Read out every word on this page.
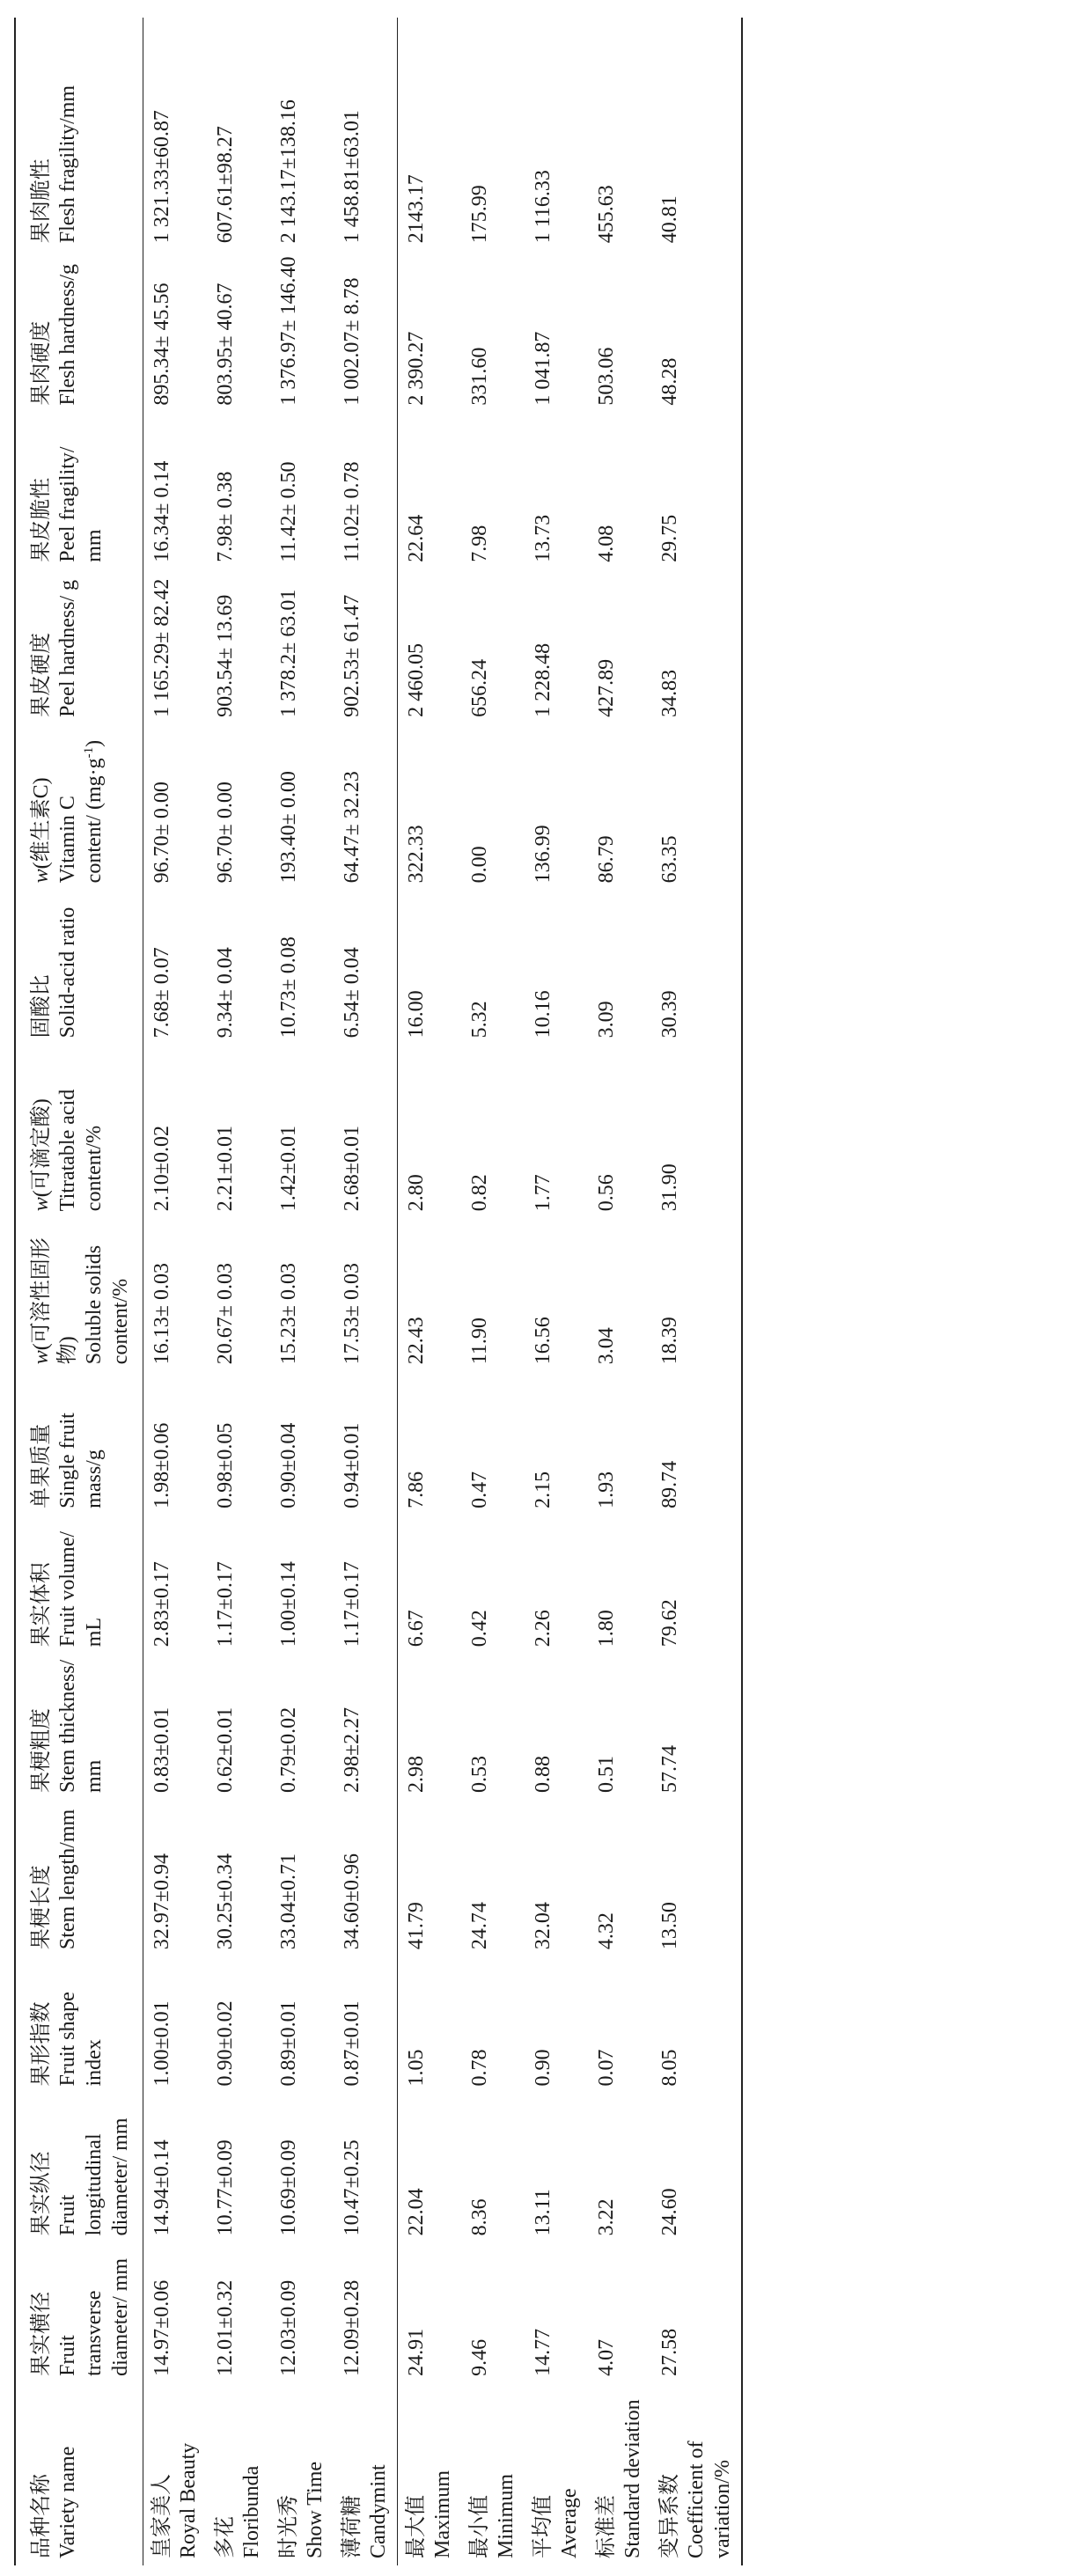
品种名称 Variety name	果实横径 Fruit transverse diameter/ mm	果实纵径 Fruit longitudinal diameter/ mm	果形指数 Fruit shape index	果梗长度 Stem length/mm	果梗粗度 Stem thickness/ mm	果实体积 Fruit volume/ mL	单果质量 Single fruit mass/g	w(可溶性固形物) Soluble solids content/%	w(可滴定酸) Titratable acid content/%	固酸比 Solid-acid ratio	w(维生素C) Vitamin C content/ $(mg\cdot g^{-1})$	果皮硬度 Peel hardness/ g	果皮脆性 Peel fragility/ mm	果肉硬度 Flesh hardness/g	果肉脆性 Flesh fragility/mm

皇家美人 Royal Beauty	14.97±0.06	14.94±0.14	1.00±0.01	32.97±0.94	0.83±0.01	2.83±0.17	1.98±0.06	16.13± 0.03	2.10±0.02	7.68± 0.07	96.70± 0.00	1 165.29± 82.42	16.34± 0.14	895.34± 45.56	1 321.33±60.87

多花 Floribunda	12.01±0.32	10.77±0.09	0.90±0.02	30.25±0.34	0.62±0.01	1.17±0.17	0.98±0.05	20.67± 0.03	2.21±0.01	9.34± 0.04	96.70± 0.00	903.54± 13.69	7.98± 0.38	803.95± 40.67	607.61±98.27

时光秀 Show Time	12.03±0.09	10.69±0.09	0.89±0.01	33.04±0.71	0.79±0.02	1.00±0.14	0.90±0.04	15.23± 0.03	1.42±0.01	10.73± 0.08	193.40± 0.00	1 378.2± 63.01	11.42± 0.50	1 376.97± 146.40	2 143.17±138.16

薄荷糖 Candymint	12.09±0.28	10.47±0.25	0.87±0.01	34.60±0.96	2.98±2.27	1.17±0.17	0.94±0.01	17.53± 0.03	2.68±0.01	6.54± 0.04	64.47± 32.23	902.53± 61.47	11.02± 0.78	1 002.07± 8.78	1 458.81±63.01

最大值 Maximum	24.91	22.04	1.05	41.79	2.98	6.67	7.86	22.43	2.80	16.00	322.33	2 460.05	22.64	2 390.27	2143.17

最小值 Minimum	9.46	8.36	0.78	24.74	0.53	0.42	0.47	11.90	0.82	5.32	0.00	656.24	7.98	331.60	175.99

平均值 Average	14.77	13.11	0.90	32.04	0.88	2.26	2.15	16.56	1.77	10.16	136.99	1 228.48	13.73	1 041.87	1 116.33

标准差 Standard deviation	4.07	3.22	0.07	4.32	0.51	1.80	1.93	3.04	0.56	3.09	86.79	427.89	4.08	503.06	455.63

变异系数 Coefficient of variation/%	27.58	24.60	8.05	13.50	57.74	79.62	89.74	18.39	31.90	30.39	63.35	34.83	29.75	48.28	40.81
